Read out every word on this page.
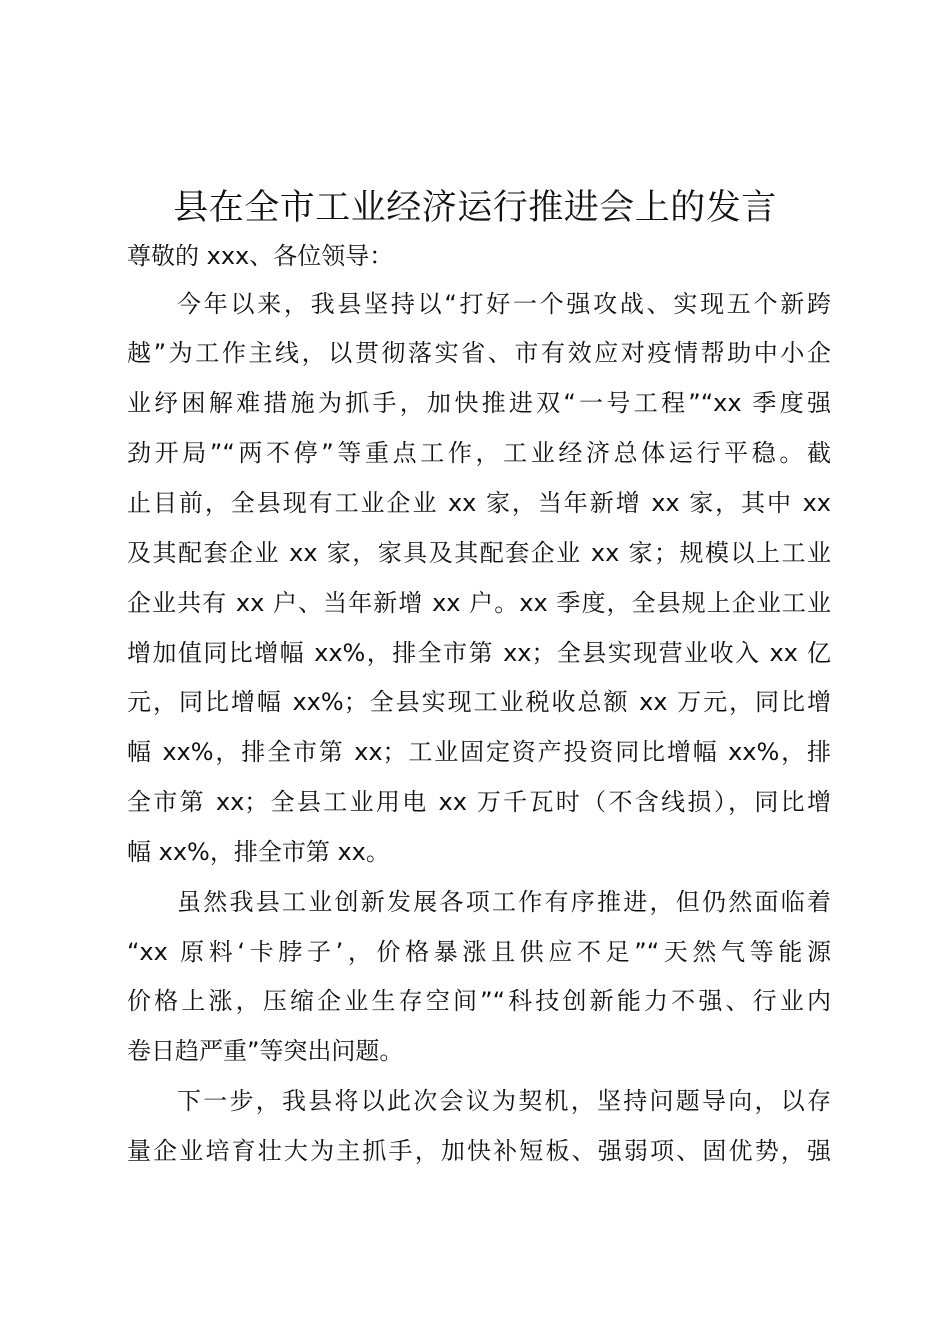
县在全市工业经济运行推进会上的发言

尊敬的 xxx、各位领导：

今年以来，我县坚持以“打好一个强攻战、实现五个新跨

越”为工作主线，以贯彻落实省、市有效应对疫情帮助中小企

业纾困解难措施为抓手，加快推进双“一号工程”“xx 季度强

劲开局”“两不停”等重点工作，工业经济总体运行平稳。截

止目前，全县现有工业企业 xx 家，当年新增 xx 家，其中 xx

及其配套企业 xx 家，家具及其配套企业 xx 家；规模以上工业

企业共有 xx 户、当年新增 xx 户。xx 季度，全县规上企业工业

增加值同比增幅 xx%，排全市第 xx；全县实现营业收入 xx 亿

元，同比增幅 xx%；全县实现工业税收总额 xx 万元，同比增

幅 xx%，排全市第 xx；工业固定资产投资同比增幅 xx%，排

全市第 xx；全县工业用电 xx 万千瓦时（不含线损），同比增

幅 xx%，排全市第 xx。

虽然我县工业创新发展各项工作有序推进，但仍然面临着

“xx 原料‘卡脖子’，价格暴涨且供应不足”“天然气等能源

价格上涨，压缩企业生存空间”“科技创新能力不强、行业内

卷日趋严重”等突出问题。

下一步，我县将以此次会议为契机，坚持问题导向，以存

量企业培育壮大为主抓手，加快补短板、强弱项、固优势，强
